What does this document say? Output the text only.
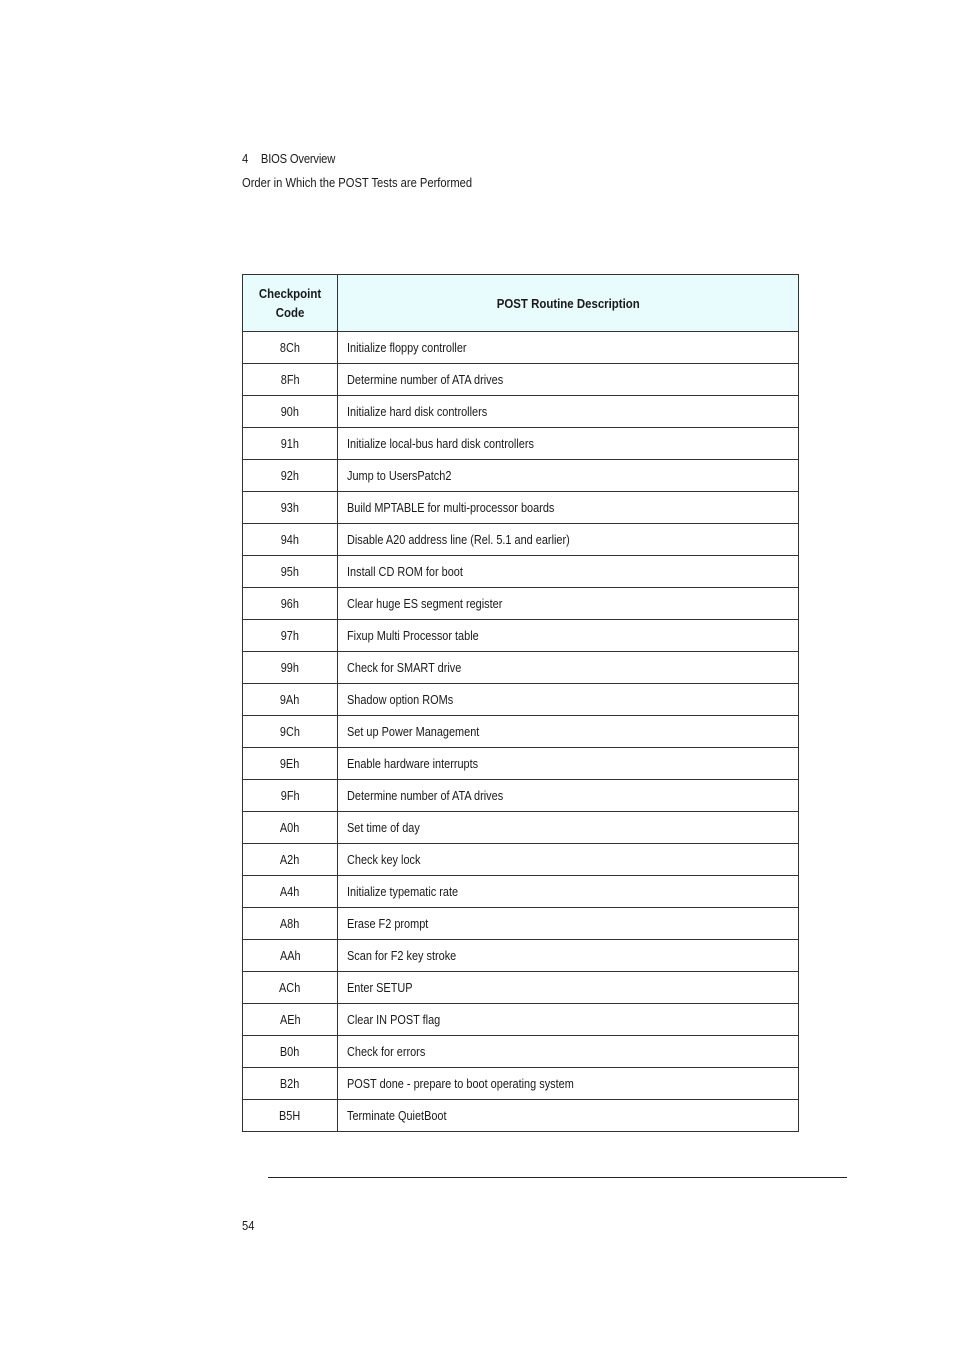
4 BIOS Overview
Order in Which the POST Tests are Performed
Checkpoint Code	POST Routine Description
8Ch	Initialize floppy controller
8Fh	Determine number of ATA drives
90h	Initialize hard disk controllers
91h	Initialize local-bus hard disk controllers
92h	Jump to UsersPatch2
93h	Build MPTABLE for multi-processor boards
94h	Disable A20 address line (Rel. 5.1 and earlier)
95h	Install CD ROM for boot
96h	Clear huge ES segment register
97h	Fixup Multi Processor table
99h	Check for SMART drive
9Ah	Shadow option ROMs
9Ch	Set up Power Management
9Eh	Enable hardware interrupts
9Fh	Determine number of ATA drives
A0h	Set time of day
A2h	Check key lock
A4h	Initialize typematic rate
A8h	Erase F2 prompt
AAh	Scan for F2 key stroke
ACh	Enter SETUP
AEh	Clear IN POST flag
B0h	Check for errors
B2h	POST done - prepare to boot operating system
B5H	Terminate QuietBoot
54
